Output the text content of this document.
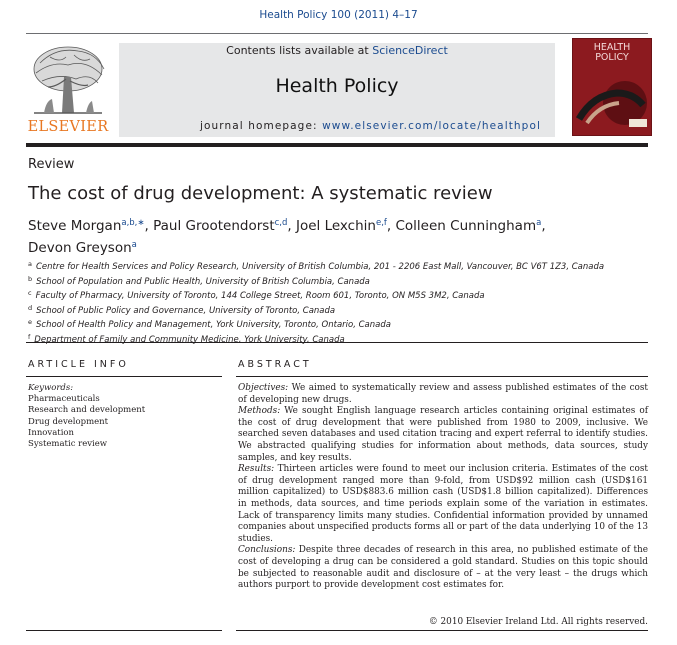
Health Policy 100 (2011) 4–17
ELSEVIER
Contents lists available at ScienceDirect
Health Policy
journal homepage: www.elsevier.com/locate/healthpol
HEALTH POLICY
Review
The cost of drug development: A systematic review
Steve Morgan$^{a,b,∗}$, Paul Grootendorst$^{c,d}$, Joel Lexchin$^{e,f}$, Colleen Cunningham$^a$,
Devon Greyson$^a$
$^a$ Centre for Health Services and Policy Research, University of British Columbia, 201 - 2206 East Mall, Vancouver, BC V6T 1Z3, Canada
$^b$ School of Population and Public Health, University of British Columbia, Canada
$^c$ Faculty of Pharmacy, University of Toronto, 144 College Street, Room 601, Toronto, ON M5S 3M2, Canada
$^d$ School of Public Policy and Governance, University of Toronto, Canada
$^e$ School of Health Policy and Management, York University, Toronto, Ontario, Canada
$^f$ Department of Family and Community Medicine, York University, Canada
ARTICLE INFO
Keywords:
Pharmaceuticals
Research and development
Drug development
Innovation
Systematic review
ABSTRACT

Objectives: We aimed to systematically review and assess published estimates of the cost of developing new drugs.

Methods: We sought English language research articles containing original estimates of the cost of drug development that were published from 1980 to 2009, inclusive. We searched seven databases and used citation tracing and expert referral to identify studies. We abstracted qualifying studies for information about methods, data sources, study samples, and key results.

Results: Thirteen articles were found to meet our inclusion criteria. Estimates of the cost of drug development ranged more than 9-fold, from USD$92 million cash (USD$161 million capitalized) to USD$883.6 million cash (USD$1.8 billion capitalized). Differences in methods, data sources, and time periods explain some of the variation in estimates. Lack of transparency limits many studies. Confidential information provided by unnamed companies about unspecified products forms all or part of the data underlying 10 of the 13 studies.

Conclusions: Despite three decades of research in this area, no published estimate of the cost of developing a drug can be considered a gold standard. Studies on this topic should be subjected to reasonable audit and disclosure of – at the very least – the drugs which authors purport to provide development cost estimates for.

© 2010 Elsevier Ireland Ltd. All rights reserved.
